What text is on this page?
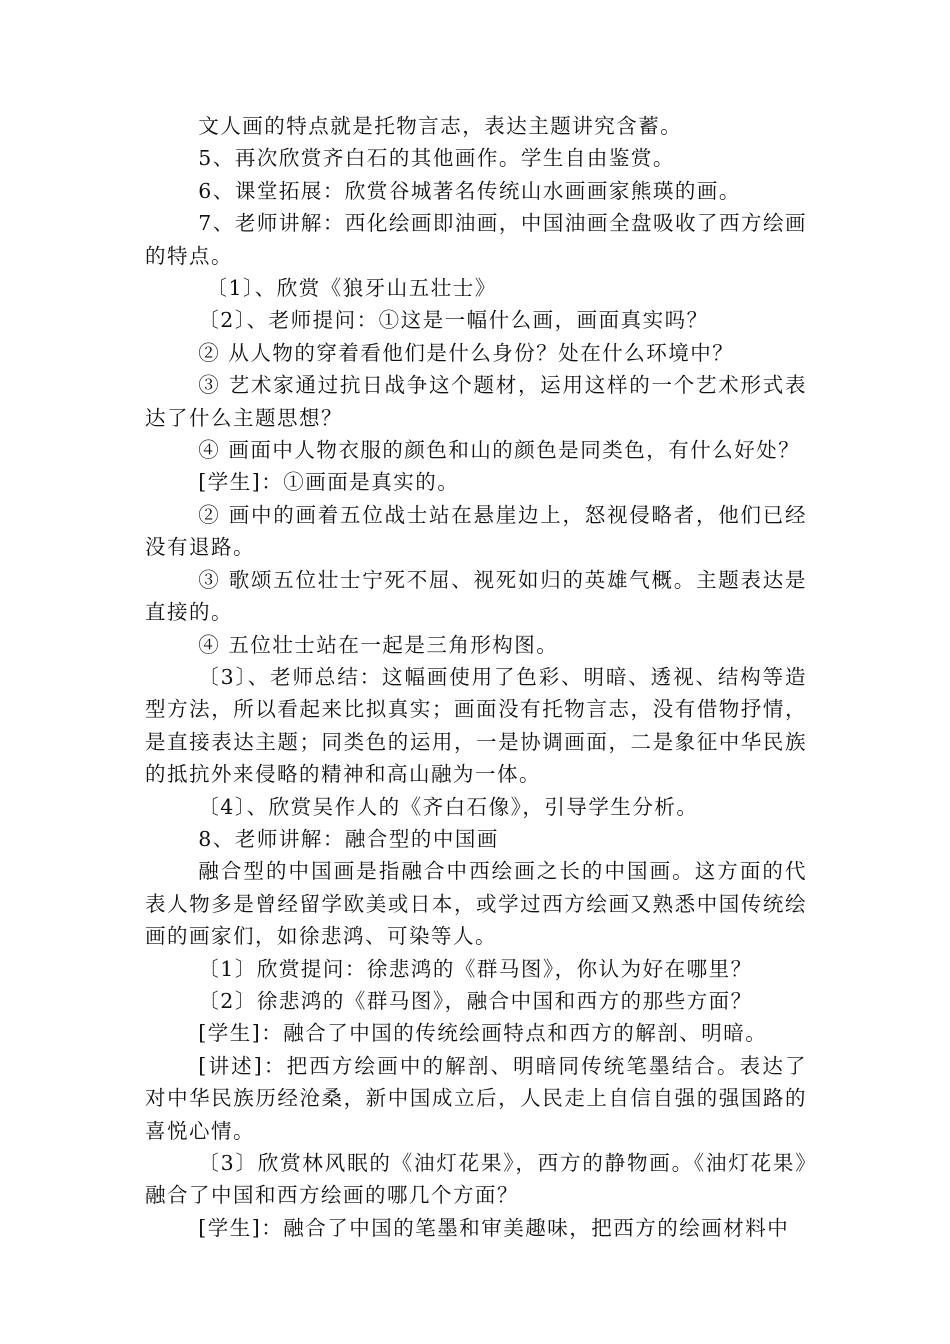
文人画的特点就是托物言志，表达主题讲究含蓄。

5、再次欣赏齐白石的其他画作。学生自由鉴赏。

6、课堂拓展：欣赏谷城著名传统山水画画家熊瑛的画。

7、老师讲解：西化绘画即油画，中国油画全盘吸收了西方绘画的特点。

〔1〕、欣赏《狼牙山五壮士》

〔2〕、老师提问：①这是一幅什么画，画面真实吗？

② 从人物的穿着看他们是什么身份？处在什么环境中？

③ 艺术家通过抗日战争这个题材，运用这样的一个艺术形式表达了什么主题思想？

④ 画面中人物衣服的颜色和山的颜色是同类色，有什么好处？

[学生]：①画面是真实的。

② 画中的画着五位战士站在悬崖边上，怒视侵略者，他们已经没有退路。

③ 歌颂五位壮士宁死不屈、视死如归的英雄气概。主题表达是直接的。

④ 五位壮士站在一起是三角形构图。

〔3〕、老师总结：这幅画使用了色彩、明暗、透视、结构等造型方法，所以看起来比拟真实；画面没有托物言志，没有借物抒情，是直接表达主题；同类色的运用，一是协调画面，二是象征中华民族的抵抗外来侵略的精神和高山融为一体。

〔4〕、欣赏吴作人的《齐白石像》，引导学生分析。

8、老师讲解：融合型的中国画

融合型的中国画是指融合中西绘画之长的中国画。这方面的代表人物多是曾经留学欧美或日本，或学过西方绘画又熟悉中国传统绘画的画家们，如徐悲鸿、可染等人。

〔1〕欣赏提问：徐悲鸿的《群马图》，你认为好在哪里？

〔2〕徐悲鸿的《群马图》，融合中国和西方的那些方面？

[学生]：融合了中国的传统绘画特点和西方的解剖、明暗。

[讲述]：把西方绘画中的解剖、明暗同传统笔墨结合。表达了对中华民族历经沧桑，新中国成立后，人民走上自信自强的强国路的喜悦心情。

〔3〕欣赏林风眠的《油灯花果》，西方的静物画。《油灯花果》融合了中国和西方绘画的哪几个方面？

[学生]：融合了中国的笔墨和审美趣味，把西方的绘画材料中
